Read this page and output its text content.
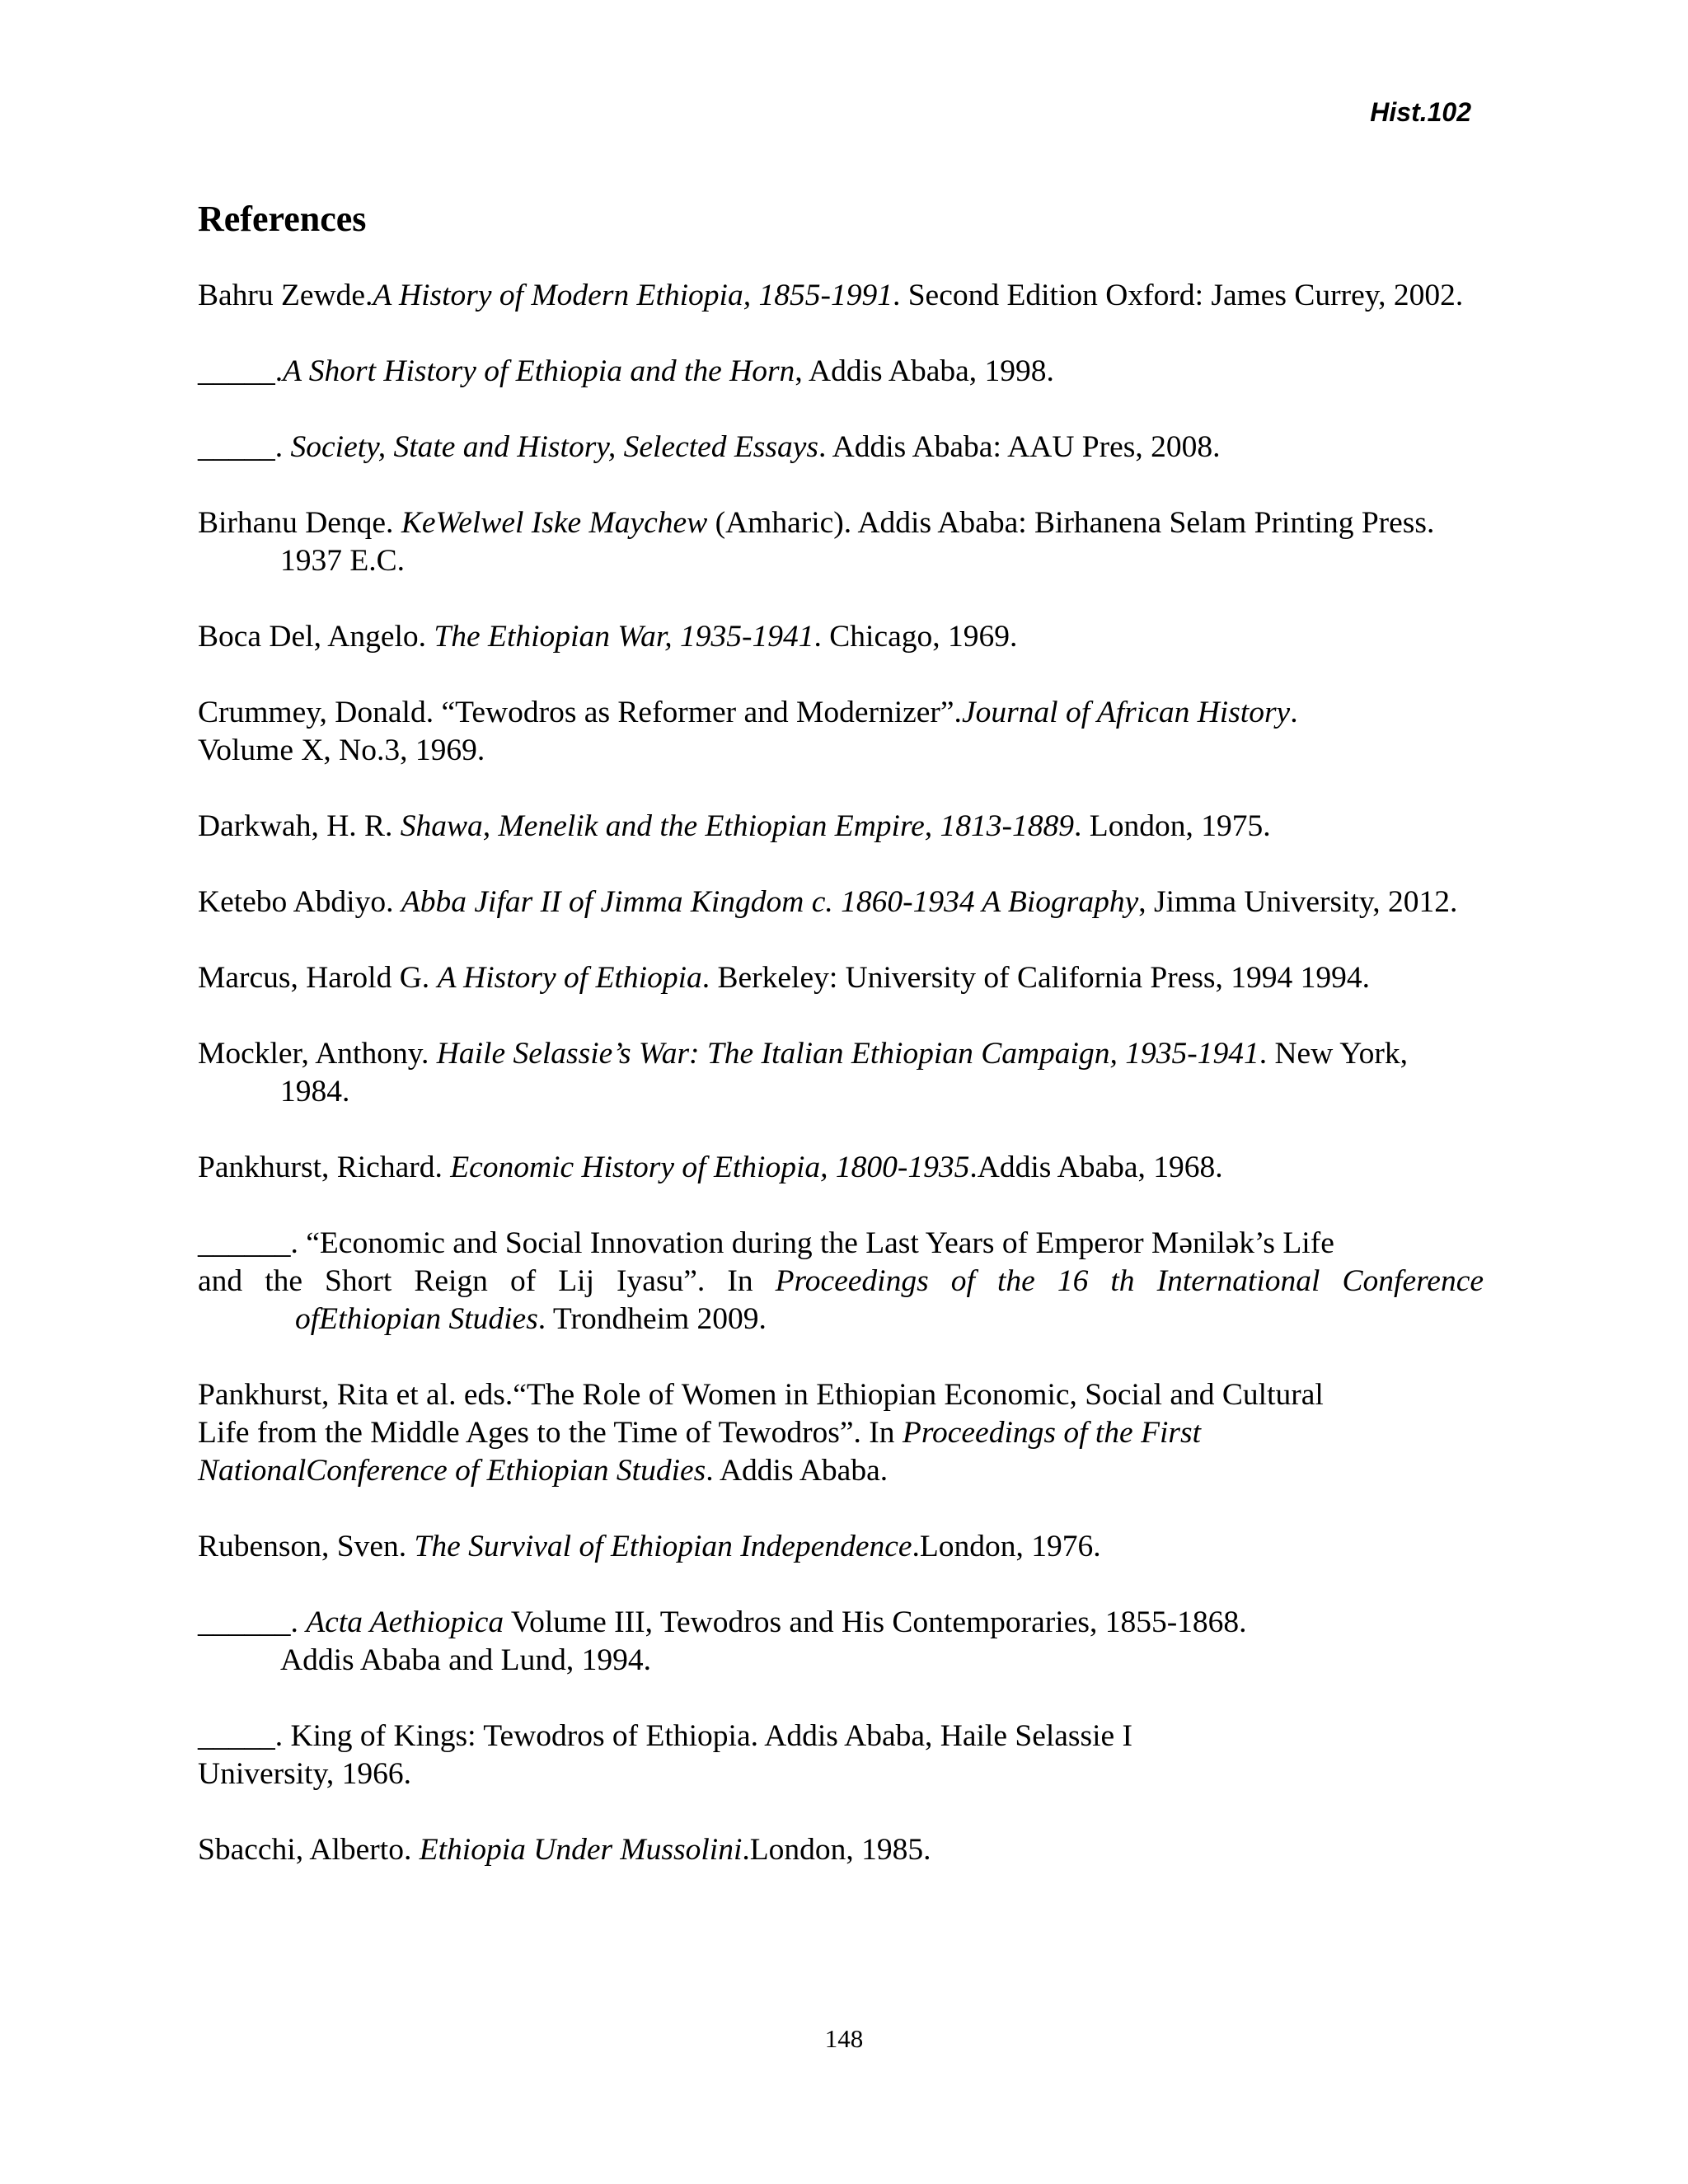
Hist.102
References

Bahru Zewde.A History of Modern Ethiopia, 1855-1991. Second Edition Oxford: James Currey, 2002.

_____.A Short History of Ethiopia and the Horn, Addis Ababa, 1998.

_____. Society, State and History, Selected Essays. Addis Ababa: AAU Pres, 2008.

Birhanu Denqe. KeWelwel Iske Maychew (Amharic). Addis Ababa: Birhanena Selam Printing Press. 1937 E.C.

Boca Del, Angelo. The Ethiopian War, 1935-1941. Chicago, 1969.

Crummey, Donald. “Tewodros as Reformer and Modernizer”.Journal of African History.
Volume X, No.3, 1969.

Darkwah, H. R. Shawa, Menelik and the Ethiopian Empire, 1813-1889. London, 1975.

Ketebo Abdiyo. Abba Jifar II of Jimma Kingdom c. 1860-1934 A Biography, Jimma University, 2012.

Marcus, Harold G. A History of Ethiopia. Berkeley: University of California Press, 1994 1994.

Mockler, Anthony. Haile Selassie’s War: The Italian Ethiopian Campaign, 1935-1941. New York, 1984.

Pankhurst, Richard. Economic History of Ethiopia, 1800-1935.Addis Ababa, 1968.

______. “Economic and Social Innovation during the Last Years of Emperor Mənilək’s Life
and the Short Reign of Lij Iyasu”. In Proceedings of the 16 th International Conference
ofEthiopian Studies. Trondheim 2009.

Pankhurst, Rita et al. eds.“The Role of Women in Ethiopian Economic, Social and Cultural
Life from the Middle Ages to the Time of Tewodros”. In Proceedings of the First
NationalConference of Ethiopian Studies. Addis Ababa.

Rubenson, Sven. The Survival of Ethiopian Independence.London, 1976.

______. Acta Aethiopica Volume III, Tewodros and His Contemporaries, 1855-1868.
Addis Ababa and Lund, 1994.

_____. King of Kings: Tewodros of Ethiopia. Addis Ababa, Haile Selassie I
University, 1966.

Sbacchi, Alberto. Ethiopia Under Mussolini.London, 1985.

148
